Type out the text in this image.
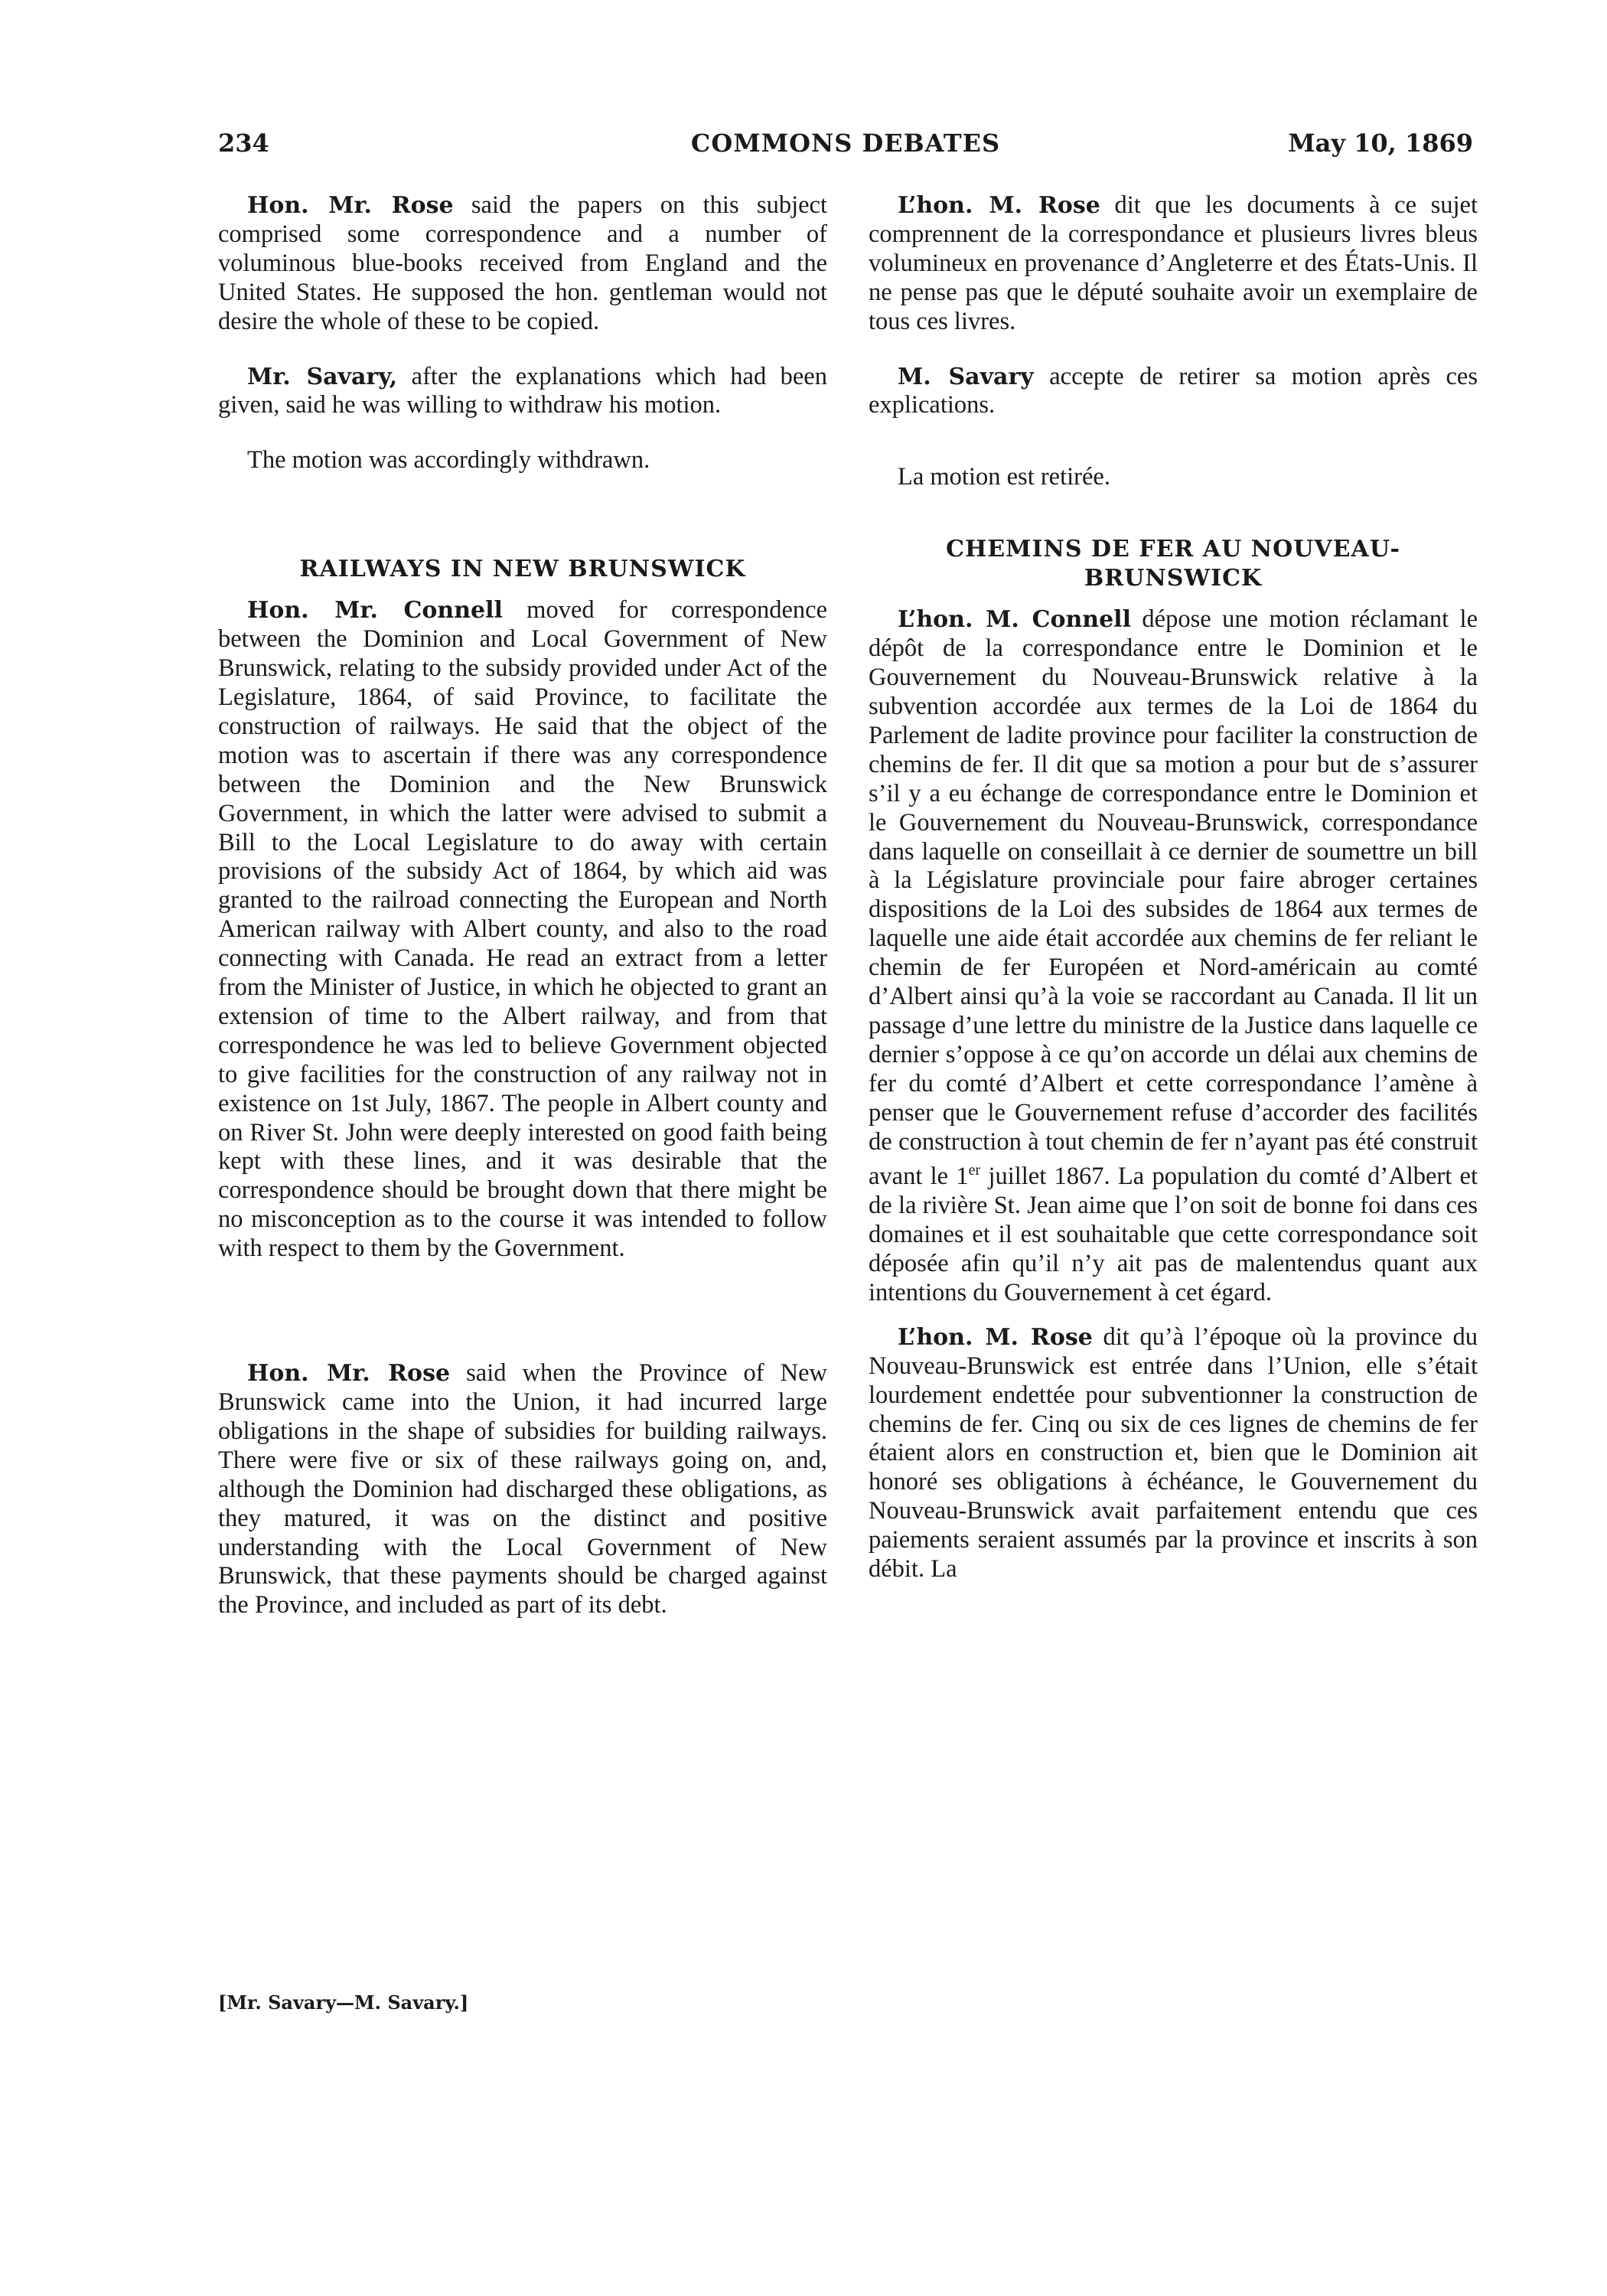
234	COMMONS DEBATES	May 10, 1869

Hon. Mr. Rose said the papers on this subject comprised some correspondence and a number of voluminous blue-books received from England and the United States. He supposed the hon. gentleman would not desire the whole of these to be copied.

Mr. Savary, after the explanations which had been given, said he was willing to withdraw his motion.

The motion was accordingly withdrawn.

RAILWAYS IN NEW BRUNSWICK

Hon. Mr. Connell moved for correspondence between the Dominion and Local Government of New Brunswick, relating to the subsidy provided under Act of the Legislature, 1864, of said Province, to facilitate the construction of railways. He said that the object of the motion was to ascertain if there was any correspondence between the Dominion and the New Brunswick Government, in which the latter were advised to submit a Bill to the Local Legislature to do away with certain provisions of the subsidy Act of 1864, by which aid was granted to the railroad connecting the European and North American railway with Albert county, and also to the road connecting with Canada. He read an extract from a letter from the Minister of Justice, in which he objected to grant an extension of time to the Albert railway, and from that correspondence he was led to believe Government objected to give facilities for the construction of any railway not in existence on 1st July, 1867. The people in Albert county and on River St. John were deeply interested on good faith being kept with these lines, and it was desirable that the correspondence should be brought down that there might be no misconception as to the course it was intended to follow with respect to them by the Government.

Hon. Mr. Rose said when the Province of New Brunswick came into the Union, it had incurred large obligations in the shape of subsidies for building railways. There were five or six of these railways going on, and, although the Dominion had discharged these obligations, as they matured, it was on the distinct and positive understanding with the Local Government of New Brunswick, that these payments should be charged against the Province, and included as part of its debt.

L’hon. M. Rose dit que les documents à ce sujet comprennent de la correspondance et plusieurs livres bleus volumineux en provenance d’Angleterre et des États-Unis. Il ne pense pas que le député souhaite avoir un exemplaire de tous ces livres.

M. Savary accepte de retirer sa motion après ces explications.

La motion est retirée.

CHEMINS DE FER AU NOUVEAU-
BRUNSWICK

L’hon. M. Connell dépose une motion réclamant le dépôt de la correspondance entre le Dominion et le Gouvernement du Nouveau-Brunswick relative à la subvention accordée aux termes de la Loi de 1864 du Parlement de ladite province pour faciliter la construction de chemins de fer. Il dit que sa motion a pour but de s’assurer s’il y a eu échange de correspondance entre le Dominion et le Gouvernement du Nouveau-Brunswick, correspondance dans laquelle on conseillait à ce dernier de soumettre un bill à la Législature provinciale pour faire abroger certaines dispositions de la Loi des subsides de 1864 aux termes de laquelle une aide était accordée aux chemins de fer reliant le chemin de fer Européen et Nord-américain au comté d’Albert ainsi qu’à la voie se raccordant au Canada. Il lit un passage d’une lettre du ministre de la Justice dans laquelle ce dernier s’oppose à ce qu’on accorde un délai aux chemins de fer du comté d’Albert et cette correspondance l’amène à penser que le Gouvernement refuse d’accorder des facilités de construction à tout chemin de fer n’ayant pas été construit avant le 1er juillet 1867. La population du comté d’Albert et de la rivière St. Jean aime que l’on soit de bonne foi dans ces domaines et il est souhaitable que cette correspondance soit déposée afin qu’il n’y ait pas de malentendus quant aux intentions du Gouvernement à cet égard.

L’hon. M. Rose dit qu’à l’époque où la province du Nouveau-Brunswick est entrée dans l’Union, elle s’était lourdement endettée pour subventionner la construction de chemins de fer. Cinq ou six de ces lignes de chemins de fer étaient alors en construction et, bien que le Dominion ait honoré ses obligations à échéance, le Gouvernement du Nouveau-Brunswick avait parfaitement entendu que ces paiements seraient assumés par la province et inscrits à son débit. La

[Mr. Savary—M. Savary.]
